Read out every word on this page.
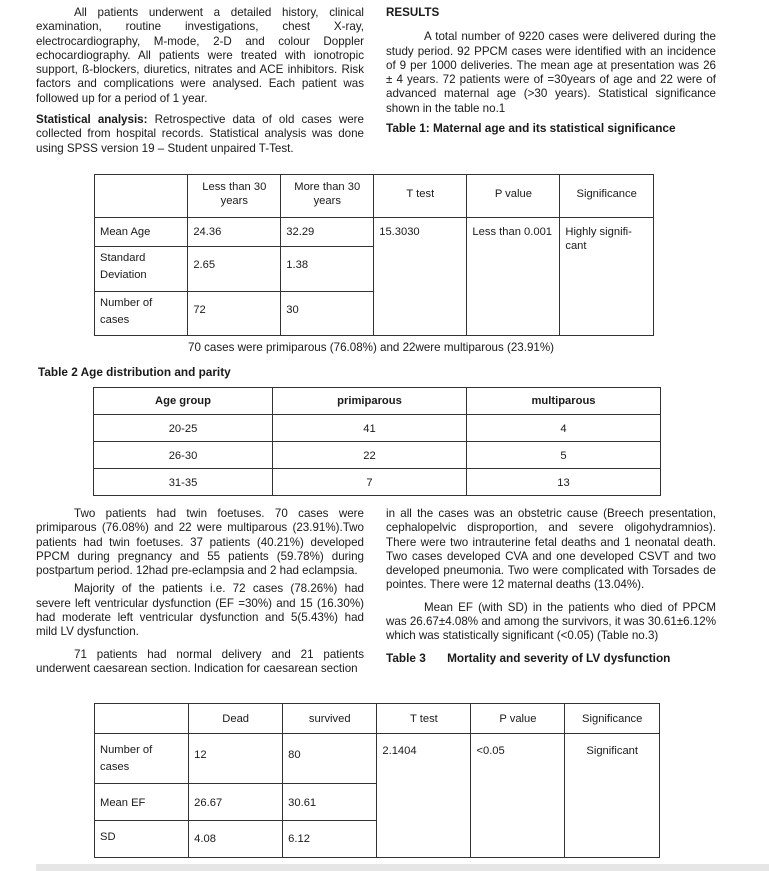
All patients underwent a detailed history, clinical examination, routine investigations, chest X-ray, electrocardiography, M-mode, 2-D and colour Doppler echocardiography. All patients were treated with ionotropic support, ß-blockers, diuretics, nitrates and ACE inhibitors. Risk factors and complications were analysed. Each patient was followed up for a period of 1 year.

Statistical analysis: Retrospective data of old cases were collected from hospital records. Statistical analysis was done using SPSS version 19 – Student unpaired T-Test.

RESULTS

A total number of 9220 cases were delivered during the study period. 92 PPCM cases were identified with an incidence of 9 per 1000 deliveries. The mean age at presentation was 26 ± 4 years. 72 patients were of =30years of age and 22 were of advanced maternal age (>30 years). Statistical significance shown in the table no.1

Table 1: Maternal age and its statistical significance

	Less than 30 years	More than 30 years	T test	P value	Significance

Mean Age	24.36	32.29	15.3030	Less than 0.001	Highly signifi-cant

Standard Deviation	2.65	1.38			

Number of cases	72	30			
70 cases were primiparous (76.08%) and 22were multiparous (23.91%)
Table 2 Age distribution and parity
Age group	primiparous	multiparous

20-25	41	4

26-30	22	5

31-35	7	13

Two patients had twin foetuses. 70 cases were primiparous (76.08%) and 22 were multiparous (23.91%).Two patients had twin foetuses. 37 patients (40.21%) developed PPCM during pregnancy and 55 patients (59.78%) during postpartum period. 12had pre-eclampsia and 2 had eclampsia.

Majority of the patients i.e. 72 cases (78.26%) had severe left ventricular dysfunction (EF =30%) and 15 (16.30%) had moderate left ventricular dysfunction and 5(5.43%) had mild LV dysfunction.

71 patients had normal delivery and 21 patients underwent caesarean section. Indication for caesarean section

in all the cases was an obstetric cause (Breech presentation, cephalopelvic disproportion, and severe oligohydramnios). There were two intrauterine fetal deaths and 1 neonatal death. Two cases developed CVA and one developed CSVT and two developed pneumonia. Two were complicated with Torsades de pointes. There were 12 maternal deaths (13.04%).

Mean EF (with SD) in the patients who died of PPCM was 26.67±4.08% and among the survivors, it was 30.61±6.12% which was statistically significant (<0.05) (Table no.3)

Table 3 Mortality and severity of LV dysfunction

	Dead	survived	T test	P value	Significance

Number of cases	12	80	2.1404	<0.05	Significant

Mean EF	26.67	30.61			

SD	4.08	6.12			
